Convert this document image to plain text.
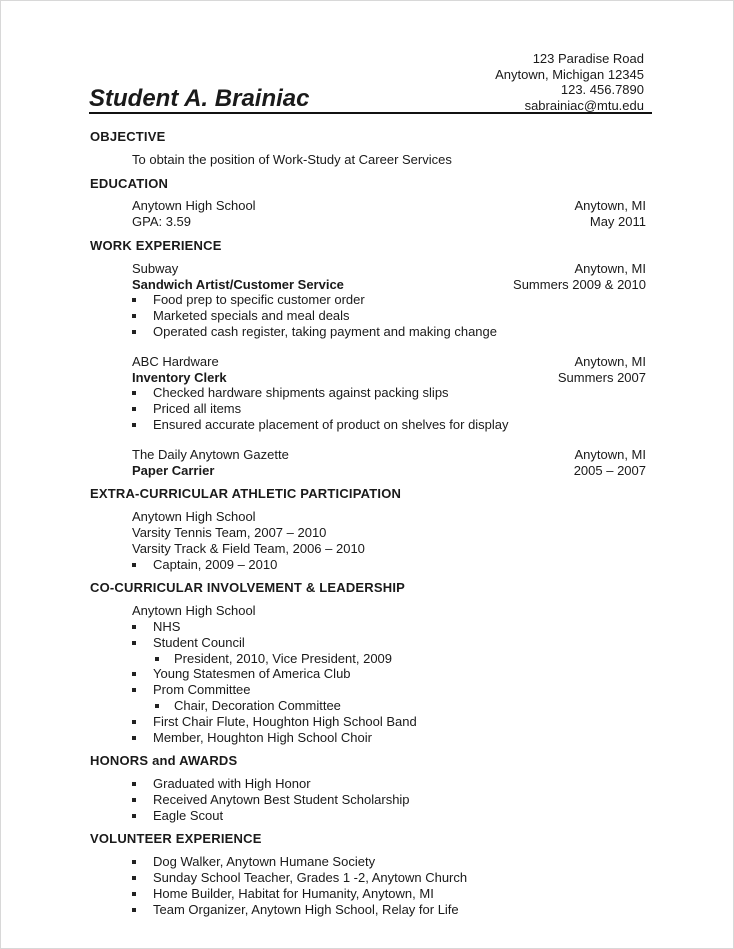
123 Paradise Road
Anytown, Michigan 12345
123. 456.7890
sabrainiac@mtu.edu
Student A. Brainiac
OBJECTIVE
To obtain the position of Work-Study at Career Services
EDUCATION
Anytown High School	Anytown, MI
GPA: 3.59	May 2011
WORK EXPERIENCE
Subway	Anytown, MI
Sandwich Artist/Customer Service	Summers 2009 & 2010
Food prep to specific customer order
Marketed specials and meal deals
Operated cash register, taking payment and making change
ABC Hardware	Anytown, MI
Inventory Clerk	Summers 2007
Checked hardware shipments against packing slips
Priced all items
Ensured accurate placement of product on shelves for display
The Daily Anytown Gazette	Anytown, MI
Paper Carrier	2005 – 2007
EXTRA-CURRICULAR ATHLETIC PARTICIPATION
Anytown High School
Varsity Tennis Team, 2007 – 2010
Varsity Track & Field Team, 2006 – 2010
Captain, 2009 – 2010
CO-CURRICULAR INVOLVEMENT & LEADERSHIP
Anytown High School
NHS
Student Council
President, 2010, Vice President, 2009
Young Statesmen of America Club
Prom Committee
Chair, Decoration Committee
First Chair Flute, Houghton High School Band
Member, Houghton High School Choir
HONORS and AWARDS
Graduated with High Honor
Received Anytown Best Student Scholarship
Eagle Scout
VOLUNTEER EXPERIENCE
Dog Walker, Anytown Humane Society
Sunday School Teacher, Grades 1 -2, Anytown Church
Home Builder, Habitat for Humanity, Anytown, MI
Team Organizer, Anytown High School, Relay for Life
